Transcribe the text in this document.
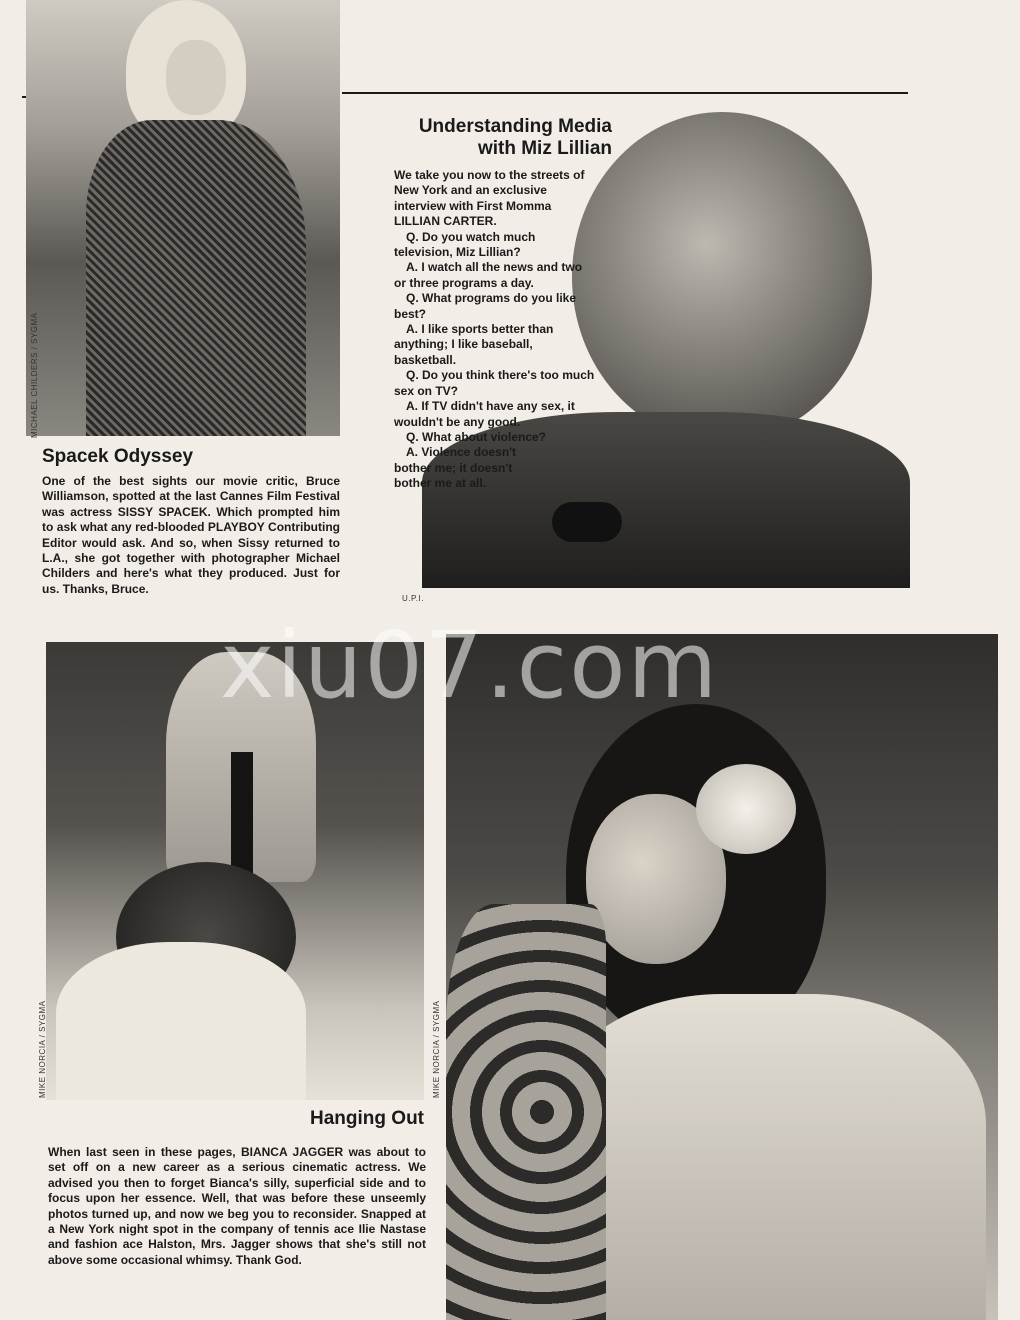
MICHAEL CHILDERS / SYGMA
Spacek Odyssey

One of the best sights our movie critic, Bruce Williamson, spotted at the last Cannes Film Festival was actress SISSY SPACEK. Which prompted him to ask what any red-blooded PLAYBOY Contributing Editor would ask. And so, when Sissy returned to L.A., she got together with photographer Michael Childers and here's what they produced. Just for us. Thanks, Bruce.

U.P.I.
Understanding Media
with Miz Lillian

We take you now to the streets of New York and an exclusive interview with First Momma LILLIAN CARTER.

Q. Do you watch much television, Miz Lillian?

A. I watch all the news and two or three programs a day.

Q. What programs do you like best?

A. I like sports better than anything; I like baseball, basketball.

Q. Do you think there's too much sex on TV?

A. If TV didn't have any sex, it wouldn't be any good.

Q. What about violence?

A. Violence doesn't bother me; it doesn't bother me at all.

MIKE NORCIA / SYGMA	MIKE NORCIA / SYGMA
Hanging Out

When last seen in these pages, BIANCA JAGGER was about to set off on a new career as a serious cinematic actress. We advised you then to forget Bianca's silly, superficial side and to focus upon her essence. Well, that was before these unseemly photos turned up, and now we beg you to reconsider. Snapped at a New York night spot in the company of tennis ace Ilie Nastase and fashion ace Halston, Mrs. Jagger shows that she's still not above some occasional whimsy. Thank God.

xiu07.com
